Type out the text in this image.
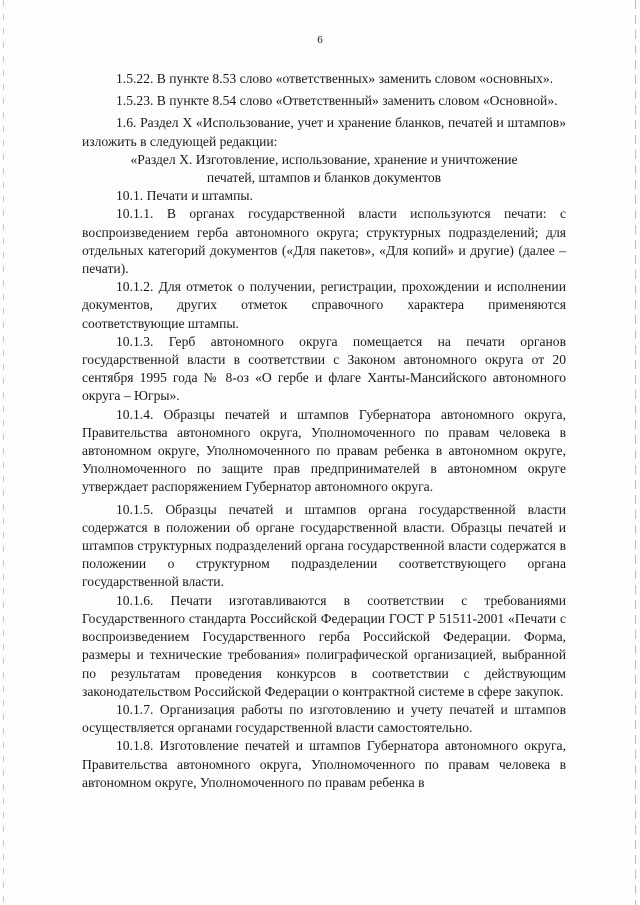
6

1.5.22. В пункте 8.53 слово «ответственных» заменить словом «основных».

1.5.23. В пункте 8.54 слово «Ответственный» заменить словом «Основной».

1.6. Раздел X «Использование, учет и хранение бланков, печатей и штампов» изложить в следующей редакции:

«Раздел X. Изготовление, использование, хранение и уничтожение

печатей, штампов и бланков документов

10.1. Печати и штампы.

10.1.1. В органах государственной власти используются печати: с воспроизведением герба автономного округа; структурных подразделений; для отдельных категорий документов («Для пакетов», «Для копий» и другие) (далее – печати).

10.1.2. Для отметок о получении, регистрации, прохождении и исполнении документов, других отметок справочного характера применяются соответствующие штампы.

10.1.3. Герб автономного округа помещается на печати органов государственной власти в соответствии с Законом автономного округа от 20 сентября 1995 года № 8-оз «О гербе и флаге Ханты-Мансийского автономного округа – Югры».

10.1.4. Образцы печатей и штампов Губернатора автономного округа, Правительства автономного округа, Уполномоченного по правам человека в автономном округе, Уполномоченного по правам ребенка в автономном округе, Уполномоченного по защите прав предпринимателей в автономном округе утверждает распоряжением Губернатор автономного округа.

10.1.5. Образцы печатей и штампов органа государственной власти содержатся в положении об органе государственной власти. Образцы печатей и штампов структурных подразделений органа государственной власти содержатся в положении о структурном подразделении соответствующего органа государственной власти.

10.1.6. Печати изготавливаются в соответствии с требованиями Государственного стандарта Российской Федерации ГОСТ Р 51511-2001 «Печати с воспроизведением Государственного герба Российской Федерации. Форма, размеры и технические требования» полиграфической организацией, выбранной по результатам проведения конкурсов в соответствии с действующим законодательством Российской Федерации о контрактной системе в сфере закупок.

10.1.7. Организация работы по изготовлению и учету печатей и штампов осуществляется органами государственной власти самостоятельно.

10.1.8. Изготовление печатей и штампов Губернатора автономного округа, Правительства автономного округа, Уполномоченного по правам человека в автономном округе, Уполномоченного по правам ребенка в
